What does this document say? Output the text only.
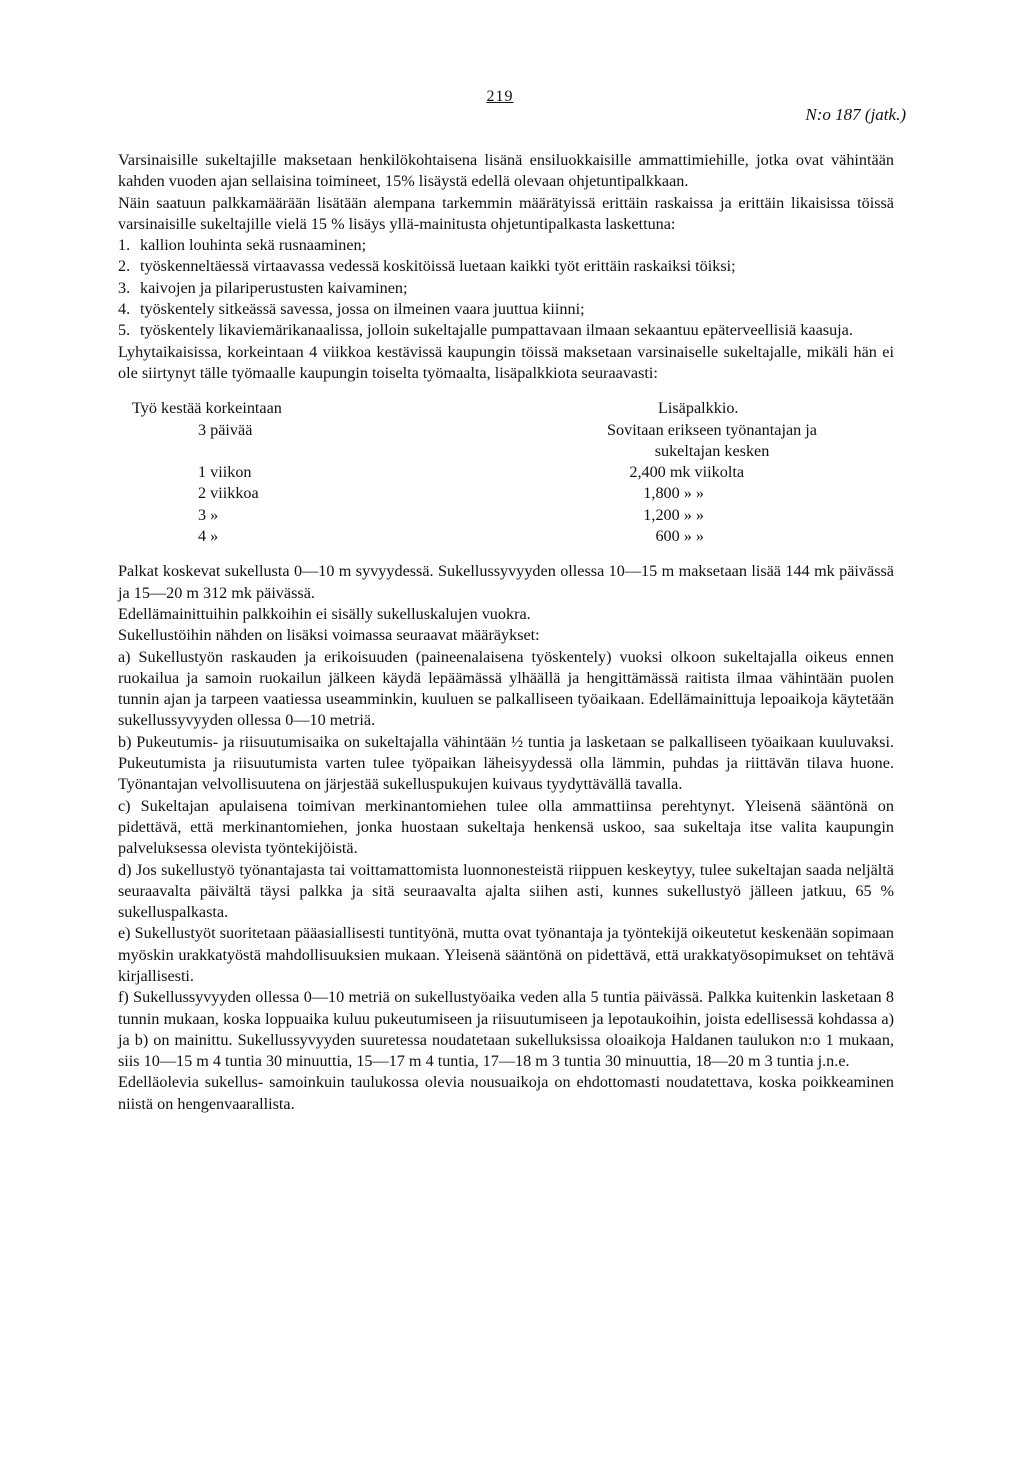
219
N:o 187 (jatk.)

Varsinaisille sukeltajille maksetaan henkilökohtaisena lisänä ensiluokkaisille ammattimiehille, jotka ovat vähintään kahden vuoden ajan sellaisina toimineet, 15% lisäystä edellä olevaan ohjetuntipalkkaan.

Näin saatuun palkkamäärään lisätään alempana tarkemmin määrätyissä erittäin raskaissa ja erittäin likaisissa töissä varsinaisille sukeltajille vielä 15 % lisäys yllä-mainitusta ohjetuntipalkasta laskettuna:

1. kallion louhinta sekä rusnaaminen;
2. työskenneltäessä virtaavassa vedessä koskitöissä luetaan kaikki työt erittäin raskaiksi töiksi;
3. kaivojen ja pilariperustusten kaivaminen;
4. työskentely sitkeässä savessa, jossa on ilmeinen vaara juuttua kiinni;
5. työskentely likaviemärikanaalissa, jolloin sukeltajalle pumpattavaan ilmaan sekaantuu epäterveellisiä kaasuja.

Lyhytaikaisissa, korkeintaan 4 viikkoa kestävissä kaupungin töissä maksetaan varsinaiselle sukeltajalle, mikäli hän ei ole siirtynyt tälle työmaalle kaupungin toiselta työmaalta, lisäpalkkiota seuraavasti:

Työ kestää korkeintaan	Lisäpalkkio.
3 päivää	Sovitaan erikseen työnantajan ja sukeltajan kesken
1 viikon	2,400 mk viikolta
2 viikkoa	1,800 » »
3 »	1,200 » »
4 »	600 » »

Palkat koskevat sukellusta 0—10 m syvyydessä. Sukellussyvyyden ollessa 10—15 m maksetaan lisää 144 mk päivässä ja 15—20 m 312 mk päivässä.

Edellämainittuihin palkkoihin ei sisälly sukelluskalujen vuokra.

Sukellustöihin nähden on lisäksi voimassa seuraavat määräykset:

a) Sukellustyön raskauden ja erikoisuuden (paineenalaisena työskentely) vuoksi olkoon sukeltajalla oikeus ennen ruokailua ja samoin ruokailun jälkeen käydä lepäämässä ylhäällä ja hengittämässä raitista ilmaa vähintään puolen tunnin ajan ja tarpeen vaatiessa useamminkin, kuuluen se palkalliseen työaikaan. Edellämainittuja lepoaikoja käytetään sukellussyvyyden ollessa 0—10 metriä.

b) Pukeutumis- ja riisuutumisaika on sukeltajalla vähintään ½ tuntia ja lasketaan se palkalliseen työaikaan kuuluvaksi. Pukeutumista ja riisuutumista varten tulee työpaikan läheisyydessä olla lämmin, puhdas ja riittävän tilava huone. Työnantajan velvollisuutena on järjestää sukelluspukujen kuivaus tyydyttävällä tavalla.

c) Sukeltajan apulaisena toimivan merkinantomiehen tulee olla ammattiinsa perehtynyt. Yleisenä sääntönä on pidettävä, että merkinantomiehen, jonka huostaan sukeltaja henkensä uskoo, saa sukeltaja itse valita kaupungin palveluksessa olevista työntekijöistä.

d) Jos sukellustyö työnantajasta tai voittamattomista luonnonesteistä riippuen keskeytyy, tulee sukeltajan saada neljältä seuraavalta päivältä täysi palkka ja sitä seuraavalta ajalta siihen asti, kunnes sukellustyö jälleen jatkuu, 65 % sukelluspalkasta.

e) Sukellustyöt suoritetaan pääasiallisesti tuntityönä, mutta ovat työnantaja ja työntekijä oikeutetut keskenään sopimaan myöskin urakkatyöstä mahdollisuuksien mukaan. Yleisenä sääntönä on pidettävä, että urakkatyösopimukset on tehtävä kirjallisesti.

f) Sukellussyvyyden ollessa 0—10 metriä on sukellustyöaika veden alla 5 tuntia päivässä. Palkka kuitenkin lasketaan 8 tunnin mukaan, koska loppuaika kuluu pukeutumiseen ja riisuutumiseen ja lepotaukoihin, joista edellisessä kohdassa a) ja b) on mainittu. Sukellussyvyyden suuretessa noudatetaan sukelluksissa oloaikoja Haldanen taulukon n:o 1 mukaan, siis 10—15 m 4 tuntia 30 minuuttia, 15—17 m 4 tuntia, 17—18 m 3 tuntia 30 minuuttia, 18—20 m 3 tuntia j.n.e.

Edelläolevia sukellus- samoinkuin taulukossa olevia nousuaikoja on ehdottomasti noudatettava, koska poikkeaminen niistä on hengenvaarallista.
